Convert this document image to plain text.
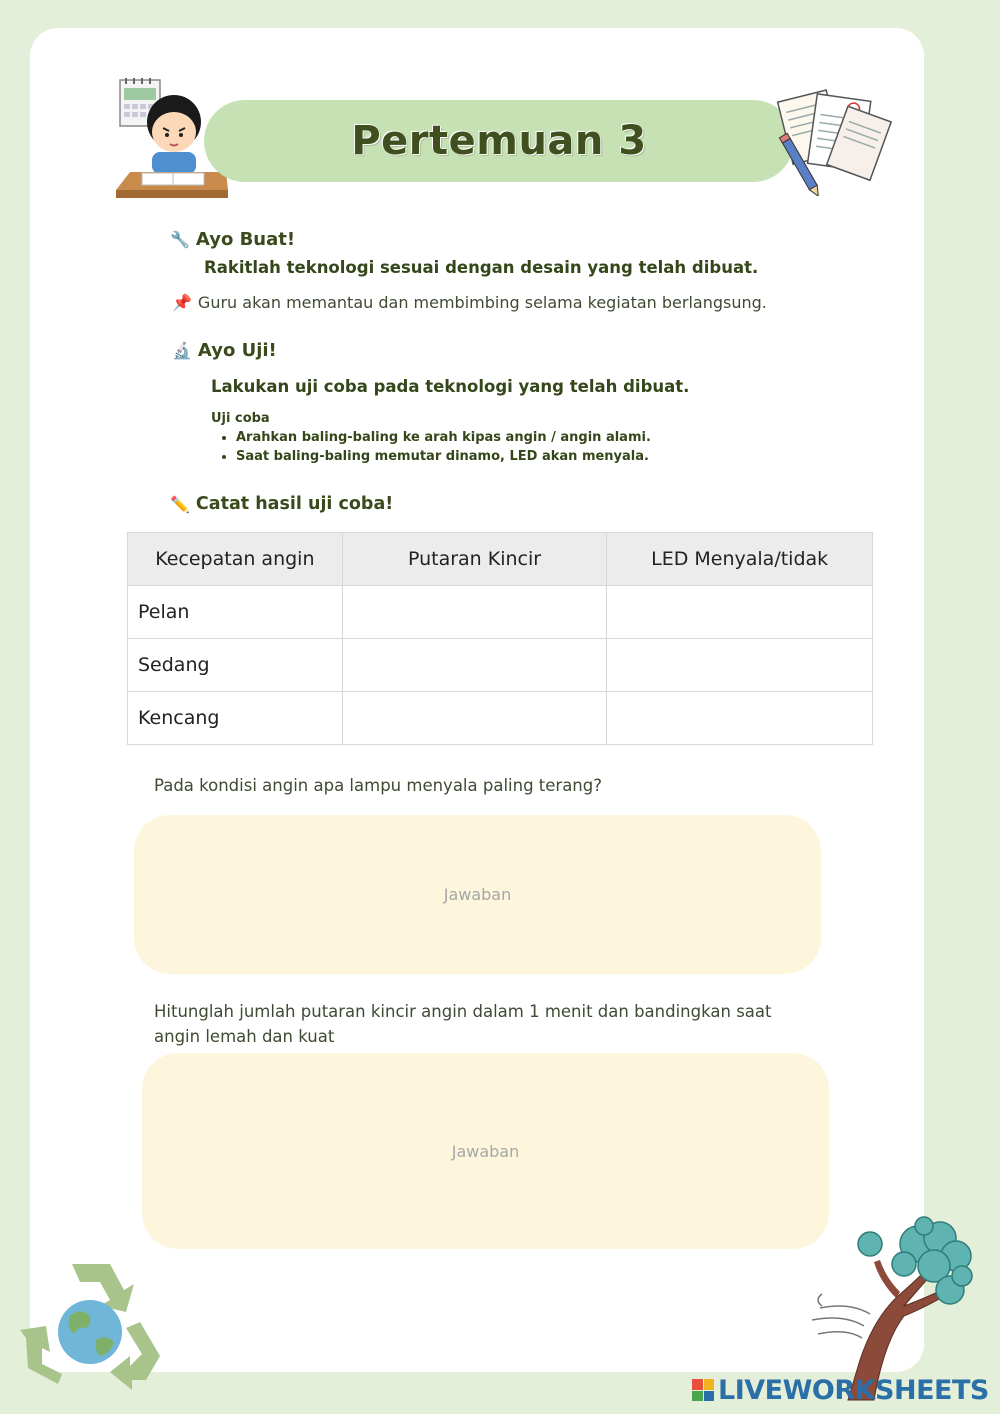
Pertemuan 3
🔧 Ayo Buat!
Rakitlah teknologi sesuai dengan desain yang telah dibuat.
📌 Guru akan memantau dan membimbing selama kegiatan berlangsung.
🔬 Ayo Uji!
Lakukan uji coba pada teknologi yang telah dibuat.
Uji coba
• Arahkan baling-baling ke arah kipas angin / angin alami.
• Saat baling-baling memutar dinamo, LED akan menyala.
✏️ Catat hasil uji coba!
Kecepatan angin	Putaran Kincir	LED Menyala/tidak
Pelan		
Sedang		
Kencang		
Pada kondisi angin apa lampu menyala paling terang?
Jawaban
Hitunglah jumlah putaran kincir angin dalam 1 menit dan bandingkan saat angin lemah dan kuat
Jawaban
LIVEWORKSHEETS
